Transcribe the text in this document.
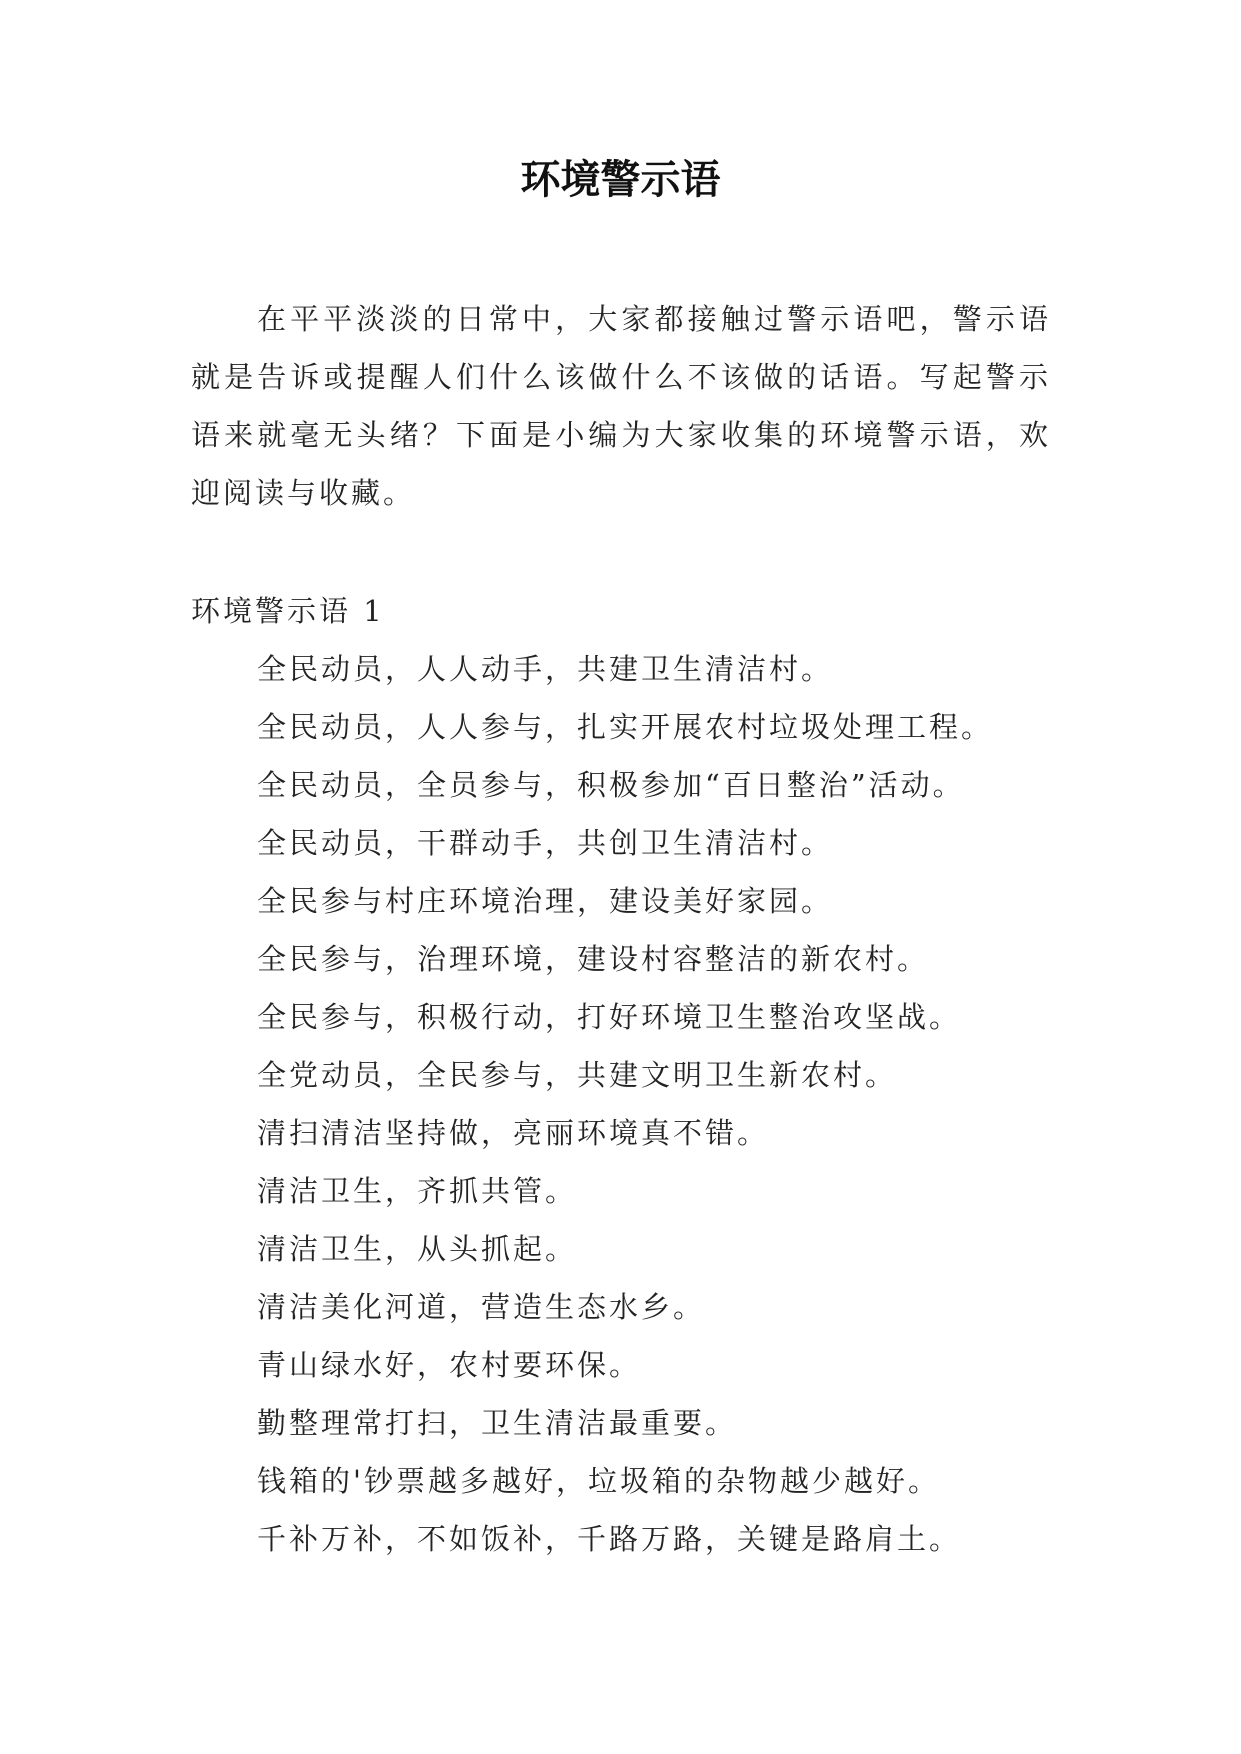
环境警示语

在平平淡淡的日常中，大家都接触过警示语吧，警示语就是告诉或提醒人们什么该做什么不该做的话语。写起警示语来就毫无头绪？下面是小编为大家收集的环境警示语，欢迎阅读与收藏。

环境警示语 1

全民动员，人人动手，共建卫生清洁村。
全民动员，人人参与，扎实开展农村垃圾处理工程。
全民动员，全员参与，积极参加“百日整治”活动。
全民动员，干群动手，共创卫生清洁村。
全民参与村庄环境治理，建设美好家园。
全民参与，治理环境，建设村容整洁的新农村。
全民参与，积极行动，打好环境卫生整治攻坚战。
全党动员，全民参与，共建文明卫生新农村。
清扫清洁坚持做，亮丽环境真不错。
清洁卫生，齐抓共管。
清洁卫生，从头抓起。
清洁美化河道，营造生态水乡。
青山绿水好，农村要环保。
勤整理常打扫，卫生清洁最重要。
钱箱的'钞票越多越好，垃圾箱的杂物越少越好。
千补万补，不如饭补，千路万路，关键是路肩土。
